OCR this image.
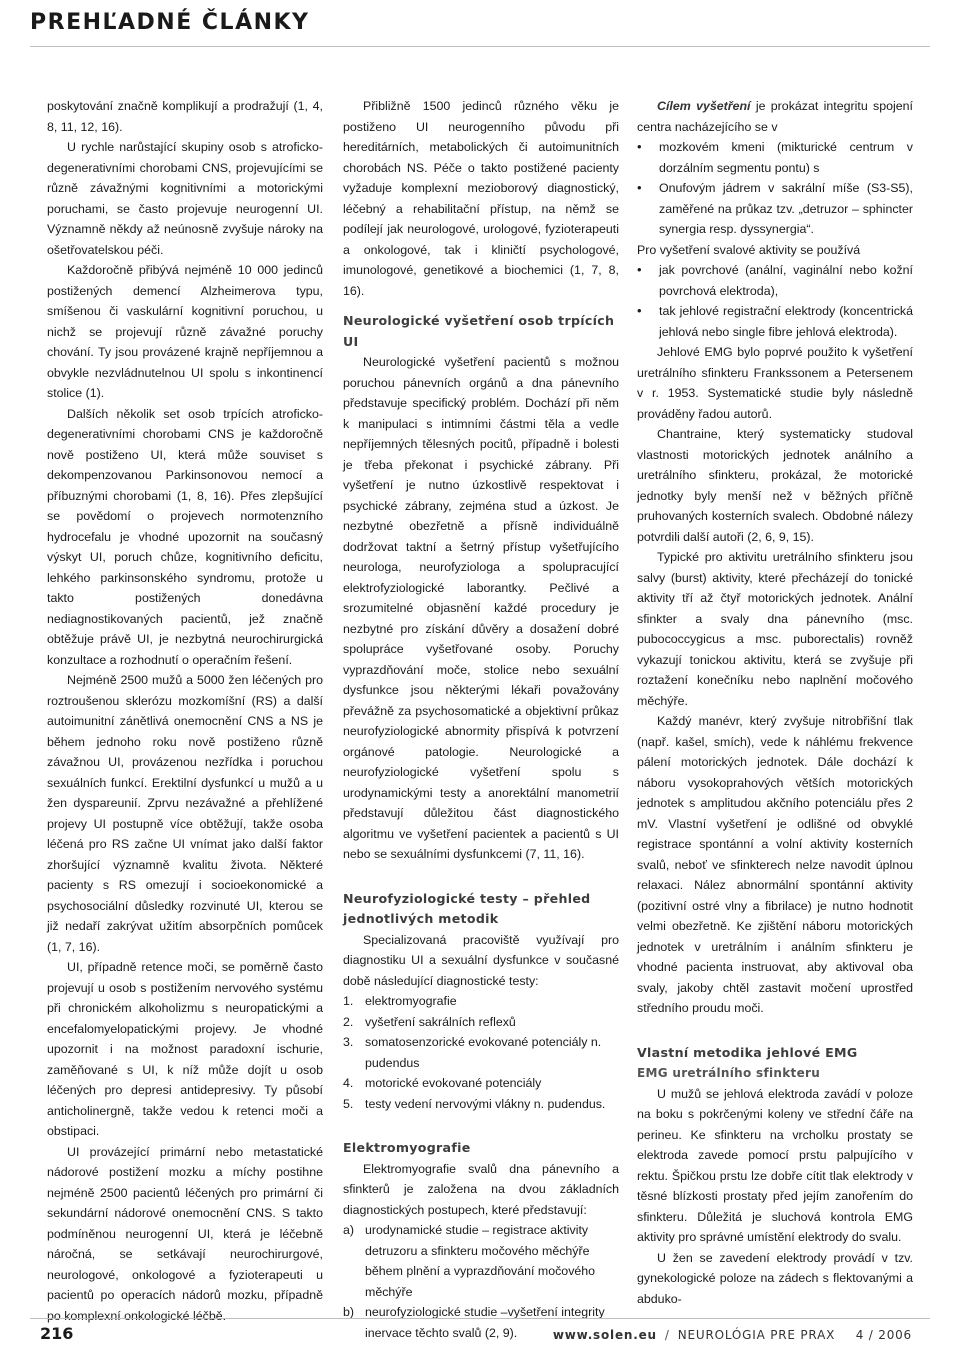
PREHĽADNÉ ČLÁNKY

poskytování značně komplikují a prodražují (1, 4, 8, 11, 12, 16).

U rychle narůstající skupiny osob s atroficko-degenerativními chorobami CNS, projevujícími se různě závažnými kognitivními a motorickými poruchami, se často projevuje neurogenní UI. Významně někdy až neúnosně zvyšuje nároky na ošetřovatelskou péči.

Každoročně přibývá nejméně 10 000 jedinců postižených demencí Alzheimerova typu, smíšenou či vaskulární kognitivní poruchou, u nichž se projevují různě závažné poruchy chování. Ty jsou provázené krajně nepříjemnou a obvykle nezvládnutelnou UI spolu s inkontinencí stolice (1).

Dalších několik set osob trpících atroficko-degenerativními chorobami CNS je každoročně nově postiženo UI, která může souviset s dekompenzovanou Parkinsonovou nemocí a příbuznými chorobami (1, 8, 16). Přes zlepšující se povědomí o projevech normotenzního hydrocefalu je vhodné upozornit na současný výskyt UI, poruch chůze, kognitivního deficitu, lehkého parkinsonského syndromu, protože u takto postižených donedávna nediagnostikovaných pacientů, jež značně obtěžuje právě UI, je nezbytná neurochirurgická konzultace a rozhodnutí o operačním řešení.

Nejméně 2500 mužů a 5000 žen léčených pro roztroušenou sklerózu mozkomíšní (RS) a další autoimunitní zánětlivá onemocnění CNS a NS je během jednoho roku nově postiženo různě závažnou UI, provázenou nezřídka i poruchou sexuálních funkcí. Erektilní dysfunkcí u mužů a u žen dyspareunií. Zprvu nezávažné a přehlížené projevy UI postupně více obtěžují, takže osoba léčená pro RS začne UI vnímat jako další faktor zhoršující významně kvalitu života. Některé pacienty s RS omezují i socioekonomické a psychosociální důsledky rozvinuté UI, kterou se již nedaří zakrývat užitím absorpčních pomůcek (1, 7, 16).

UI, případně retence moči, se poměrně často projevují u osob s postižením nervového systému při chronickém alkoholizmu s neuropatickými a encefalomyelopatickými projevy. Je vhodné upozornit i na možnost paradoxní ischurie, zaměňované s UI, k níž může dojít u osob léčených pro depresi antidepresivy. Ty působí anticholinergně, takže vedou k retenci moči a obstipaci.

UI provázející primární nebo metastatické nádorové postižení mozku a míchy postihne nejméně 2500 pacientů léčených pro primární či sekundární nádorové onemocnění CNS. S takto podmíněnou neurogenní UI, která je léčebně náročná, se setkávají neurochirurgové, neurologové, onkologové a fyzioterapeuti u pacientů po operacích nádorů mozku, případně po komplexní onkologické léčbě.

Přibližně 1500 jedinců různého věku je postiženo UI neurogenního původu při hereditárních, metabolických či autoimunitních chorobách NS. Péče o takto postižené pacienty vyžaduje komplexní mezioborový diagnostický, léčebný a rehabilitační přístup, na němž se podílejí jak neurologové, urologové, fyzioterapeuti a onkologové, tak i kliničtí psychologové, imunologové, genetikové a biochemici (1, 7, 8, 16).

Neurologické vyšetření osob trpících UI

Neurologické vyšetření pacientů s možnou poruchou pánevních orgánů a dna pánevního představuje specifický problém. Dochází při něm k manipulaci s intimními částmi těla a vedle nepříjemných tělesných pocitů, případně i bolesti je třeba překonat i psychické zábrany. Při vyšetření je nutno úzkostlivě respektovat i psychické zábrany, zejména stud a úzkost. Je nezbytné obezřetně a přísně individuálně dodržovat taktní a šetrný přístup vyšetřujícího neurologa, neurofyziologa a spolupracující elektrofyziologické laborantky. Pečlivé a srozumitelné objasnění každé procedury je nezbytné pro získání důvěry a dosažení dobré spolupráce vyšetřované osoby. Poruchy vyprazdňování moče, stolice nebo sexuální dysfunkce jsou některými lékaři považovány převážně za psychosomatické a objektivní průkaz neurofyziologické abnormity přispívá k potvrzení orgánové patologie. Neurologické a neurofyziologické vyšetření spolu s urodynamickými testy a anorektální manometrií představují důležitou část diagnostického algoritmu ve vyšetření pacientek a pacientů s UI nebo se sexuálními dysfunkcemi (7, 11, 16).

Neurofyziologické testy – přehled jednotlivých metodik

Specializovaná pracoviště využívají pro diagnostiku UI a sexuální dysfunkce v současné době následující diagnostické testy:

1. elektromyografie
2. vyšetření sakrálních reflexů
3. somatosenzorické evokované potenciály n. pudendus
4. motorické evokované potenciály
5. testy vedení nervovými vlákny n. pudendus.
Elektromyografie

Elektromyografie svalů dna pánevního a sfinkterů je založena na dvou základních diagnostických postupech, které představují:

a) urodynamické studie – registrace aktivity detruzoru a sfinkteru močového měchýře během plnění a vyprazdňování močového měchýře
b) neurofyziologické studie –vyšetření integrity inervace těchto svalů (2, 9).

Cílem vyšetření je prokázat integritu spojení centra nacházejícího se v

• mozkovém kmeni (mikturické centrum v dorzálním segmentu pontu) s
• Onufovým jádrem v sakrální míše (S3-S5), zaměřené na průkaz tzv. „detruzor – sphincter synergia resp. dyssynergia“.

Pro vyšetření svalové aktivity se používá

• jak povrchové (anální, vaginální nebo kožní povrchová elektroda),
• tak jehlové registrační elektrody (koncentrická jehlová nebo single fibre jehlová elektroda).

Jehlové EMG bylo poprvé použito k vyšetření uretrálního sfinkteru Frankssonem a Petersenem v r. 1953. Systematické studie byly následně prováděny řadou autorů.

Chantraine, který systematicky studoval vlastnosti motorických jednotek análního a uretrálního sfinkteru, prokázal, že motorické jednotky byly menší než v běžných příčně pruhovaných kosterních svalech. Obdobné nálezy potvrdili další autoři (2, 6, 9, 15).

Typické pro aktivitu uretrálního sfinkteru jsou salvy (burst) aktivity, které přecházejí do tonické aktivity tří až čtyř motorických jednotek. Anální sfinkter a svaly dna pánevního (msc. pubococcygicus a msc. puborectalis) rovněž vykazují tonickou aktivitu, která se zvyšuje při roztažení konečníku nebo naplnění močového měchýře.

Každý manévr, který zvyšuje nitrobřišní tlak (např. kašel, smích), vede k náhlému frekvence pálení motorických jednotek. Dále dochází k náboru vysokoprahových větších motorických jednotek s amplitudou akčního potenciálu přes 2 mV. Vlastní vyšetření je odlišné od obvyklé registrace spontánní a volní aktivity kosterních svalů, neboť ve sfinkterech nelze navodit úplnou relaxaci. Nález abnormální spontánní aktivity (pozitivní ostré vlny a fibrilace) je nutno hodnotit velmi obezřetně. Ke zjištění náboru motorických jednotek v uretrálním i análním sfinkteru je vhodné pacienta instruovat, aby aktivoval oba svaly, jakoby chtěl zastavit močení uprostřed středního proudu moči.

Vlastní metodika jehlové EMG
EMG uretrálního sfinkteru

U mužů se jehlová elektroda zavádí v poloze na boku s pokrčenými koleny ve střední čáře na perineu. Ke sfinkteru na vrcholku prostaty se elektroda zavede pomocí prstu palpujícího v rektu. Špičkou prstu lze dobře cítit tlak elektrody v těsné blízkosti prostaty před jejím zanořením do sfinkteru. Důležitá je sluchová kontrola EMG aktivity pro správné umístění elektrody do svalu.

U žen se zavedení elektrody provádí v tzv. gynekologické poloze na zádech s flektovanými a abduko-

216	www.solen.eu / NEUROLÓGIA PRE PRAX 4 / 2006
